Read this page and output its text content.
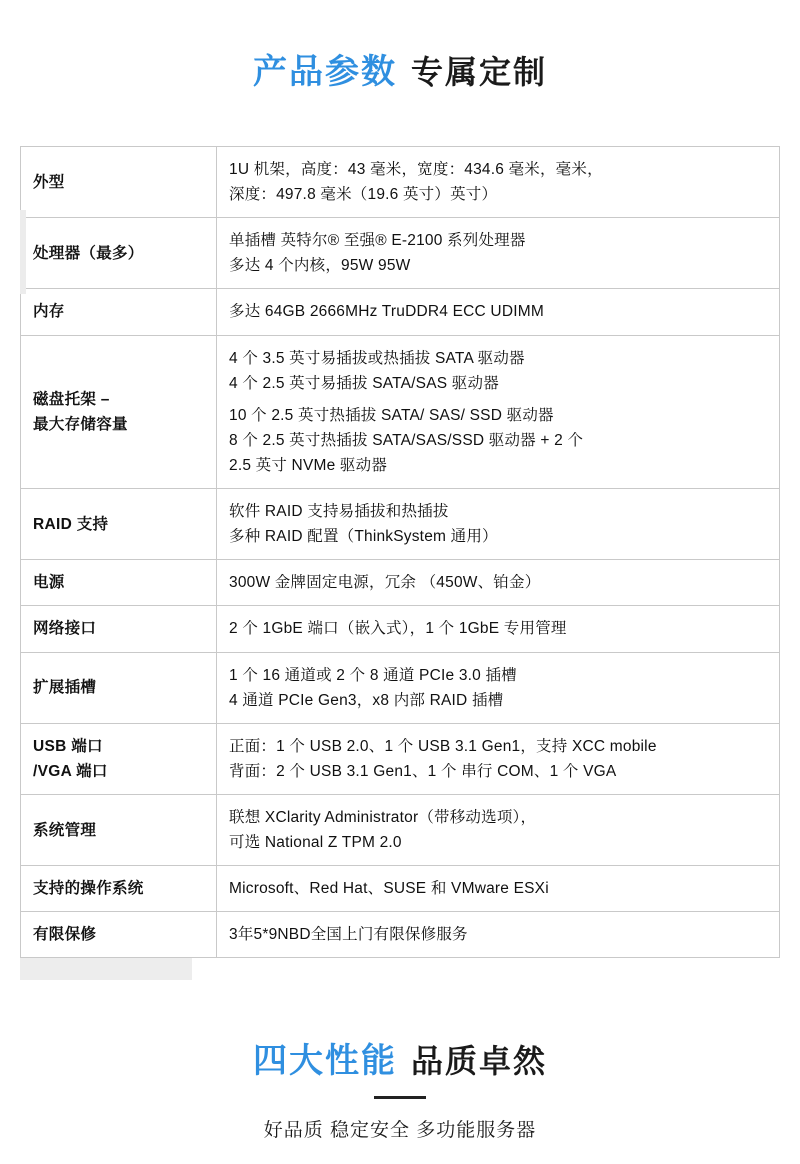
产品参数 专属定制
外型	1U 机架，高度：43 毫米，宽度：434.6 毫米，毫米，
深度：497.8 毫米（19.6 英寸）英寸）

处理器（最多）	单插槽 英特尔® 至强® E-2100 系列处理器
多达 4 个内核，95W 95W

内存	多达 64GB 2666MHz TruDDR4 ECC UDIMM

磁盘托架 –
最大存储容量	4 个 3.5 英寸易插拔或热插拔 SATA 驱动器
4 个 2.5 英寸易插拔 SATA/SAS 驱动器
10 个 2.5 英寸热插拔 SATA/ SAS/ SSD 驱动器
8 个 2.5 英寸热插拔 SATA/SAS/SSD 驱动器 + 2 个
2.5 英寸 NVMe 驱动器

RAID 支持	软件 RAID 支持易插拔和热插拔
多种 RAID 配置（ThinkSystem 通用）

电源	300W 金牌固定电源，冗余 （450W、铂金）

网络接口	2 个 1GbE 端口（嵌入式），1 个 1GbE 专用管理

扩展插槽	1 个 16 通道或 2 个 8 通道 PCIe 3.0 插槽
4 通道 PCIe Gen3，x8 内部 RAID 插槽

USB 端口
/VGA 端口	正面：1 个 USB 2.0、1 个 USB 3.1 Gen1，支持 XCC mobile
背面：2 个 USB 3.1 Gen1、1 个 串行 COM、1 个 VGA

系统管理	联想 XClarity Administrator（带移动选项），
可选 National Z TPM 2.0

支持的操作系统	Microsoft、Red Hat、SUSE 和 VMware ESXi

有限保修	3年5*9NBD全国上门有限保修服务
四大性能 品质卓然
好品质 稳定安全 多功能服务器
